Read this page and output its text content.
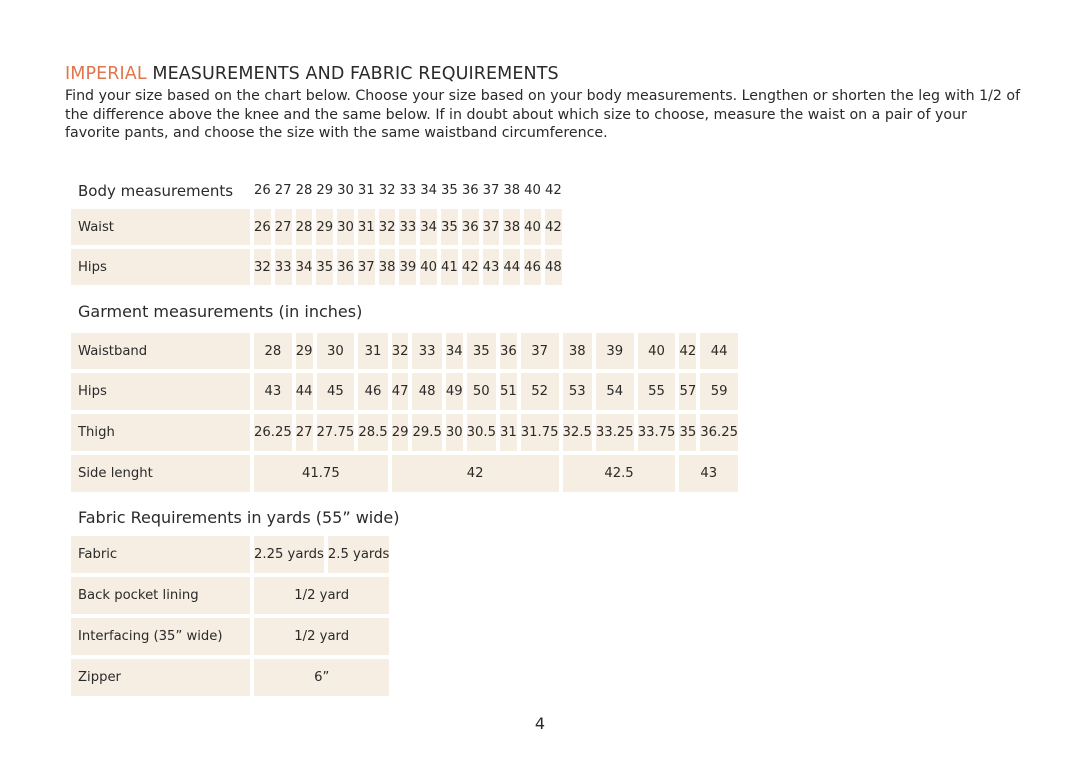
IMPERIAL MEASUREMENTS AND FABRIC REQUIREMENTS
Find your size based on the chart below. Choose your size based on your body measurements. Lengthen or shorten the leg with 1/2 of the difference above the knee and the same below. If in doubt about which size to choose, measure the waist on a pair of your favorite pants, and choose the size with the same waistband circumference.
Body measurements	26	27	28	29	30	31	32	33	34	35	36	37	38	40	42
Waist	26	27	28	29	30	31	32	33	34	35	36	37	38	40	42

Hips	32	33	34	35	36	37	38	39	40	41	42	43	44	46	48
Garment measurements (in inches)
Waistband	28	29	30	31	32	33	34	35	36	37	38	39	40	42	44

Hips	43	44	45	46	47	48	49	50	51	52	53	54	55	57	59

Thigh	26.25	27	27.75	28.5	29	29.5	30	30.5	31	31.75	32.5	33.25	33.75	35	36.25

Side lenght	41.75				42						42.5			43	
Fabric Requirements in yards (55” wide)

Fabric	2.25 yards										2.5 yards				

Back pocket lining	1/2 yard														

Interfacing (35” wide)	1/2 yard														

Zipper	6”														
4
